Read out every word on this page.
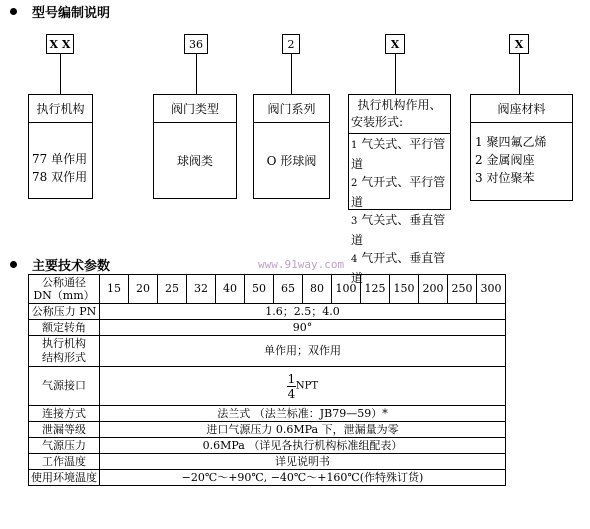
型号编制说明
X X	36	2	X	X
执行机构
77 单作用
78 双作用
阀门类型
球阀类
阀门系列
O 形球阀
执行机构作用、
安装形式:
1 气关式、平行管道
2 气开式、平行管道
3 气关式、垂直管道
4 气开式、垂直管道
阀座材料
1 聚四氟乙烯
2 金属阀座
3 对位聚苯
主要技术参数	www.91way.com
公称通径
DN（mm）	15	20	25	32	40	50	65	80	100	125	150	200	250	300
公称压力 PN	1.6；2.5；4.0													
额定转角	90°													

执行机构
结构形式	单作用；双作用													
气源接口	$\frac{1}{4}$ NPT													
连接方式	法兰式 （法兰标准：JB79—59）*													
泄漏等级	进口气源压力 0.6MPa 下，泄漏量为零													
气源压力	0.6MPa （详见各执行机构标准组配表）													
工作温度	详见说明书													
使用环境温度	−20℃～+90℃, −40℃～+160℃(作特殊订货)													
